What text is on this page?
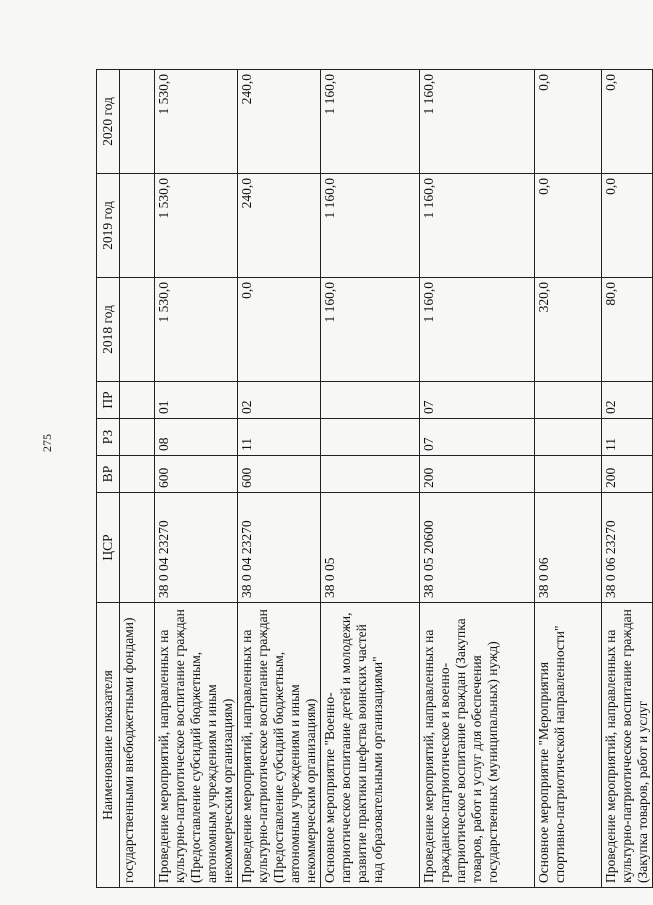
275
Наименование показателя	ЦСР	ВР	РЗ	ПР	2018 год	2019 год	2020 год
государственными внебюджетными фондами)							
Проведение мероприятий, направленных на культурно-патриотическое воспитание граждан (Предоставление субсидий бюджетным, автономным учреждениям и иным некоммерческим организациям)	38 0 04 23270	600	08	01	1 530,0	1 530,0	1 530,0
Проведение мероприятий, направленных на культурно-патриотическое воспитание граждан (Предоставление субсидий бюджетным, автономным учреждениям и иным некоммерческим организациям)	38 0 04 23270	600	11	02	0,0	240,0	240,0
Основное мероприятие "Военно-патриотическое воспитание детей и молодежи, развитие практики шефства воинских частей над образовательными организациями"	38 0 05				1 160,0	1 160,0	1 160,0
Проведение мероприятий, направленных на гражданско-патриотическое и военно-патриотическое воспитание граждан (Закупка товаров, работ и услуг для обеспечения государственных (муниципальных) нужд)	38 0 05 20600	200	07	07	1 160,0	1 160,0	1 160,0
Основное мероприятие "Мероприятия спортивно-патриотической направленности"	38 0 06				320,0	0,0	0,0
Проведение мероприятий, направленных на культурно-патриотическое воспитание граждан (Закупка товаров, работ и услуг	38 0 06 23270	200	11	02	80,0	0,0	0,0
